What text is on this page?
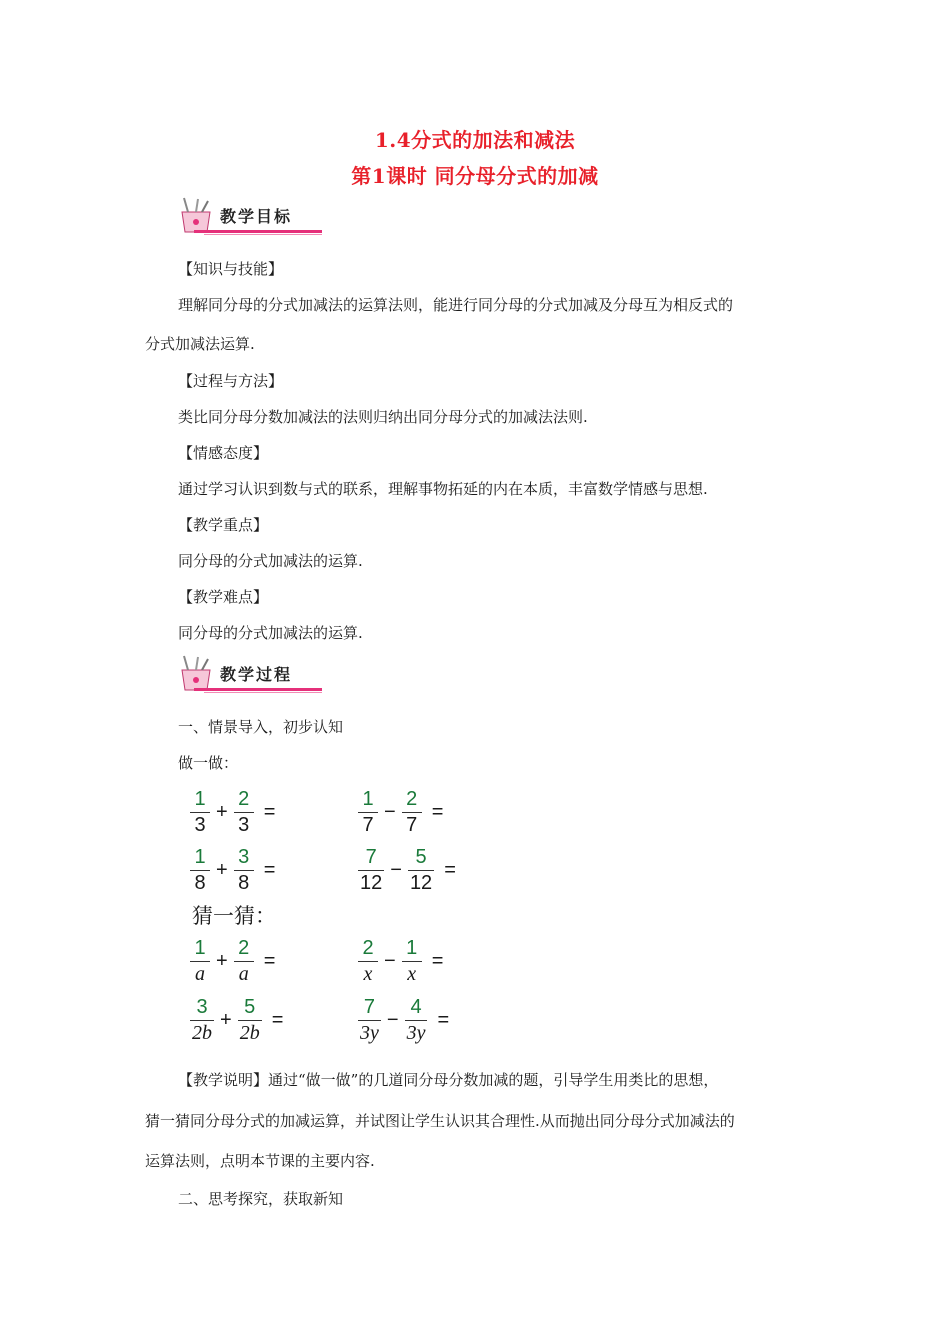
1.4分式的加法和减法
第1课时 同分母分式的加减
教学目标
【知识与技能】
理解同分母的分式加减法的运算法则，能进行同分母的分式加减及分母互为相反式的
分式加减法运算.
【过程与方法】
类比同分母分数加减法的法则归纳出同分母分式的加减法法则.
【情感态度】
通过学习认识到数与式的联系，理解事物拓延的内在本质，丰富数学情感与思想.
【教学重点】
同分母的分式加减法的运算.
【教学难点】
同分母的分式加减法的运算.
教学过程
一、情景导入，初步认知
做一做：
1
3
+
2
3
=
1
7
−
2
7
=
1
8
+
3
8
=
7
12
−
5
12
=
猜一猜：
1
a
+
2
a
=
2
x
−
1
x
=
3
2b
+
5
2b
=
7
3y
−
4
3y
=
【教学说明】通过“做一做”的几道同分母分数加减的题，引导学生用类比的思想，
猜一猜同分母分式的加减运算，并试图让学生认识其合理性.从而抛出同分母分式加减法的
运算法则，点明本节课的主要内容.
二、思考探究，获取新知
